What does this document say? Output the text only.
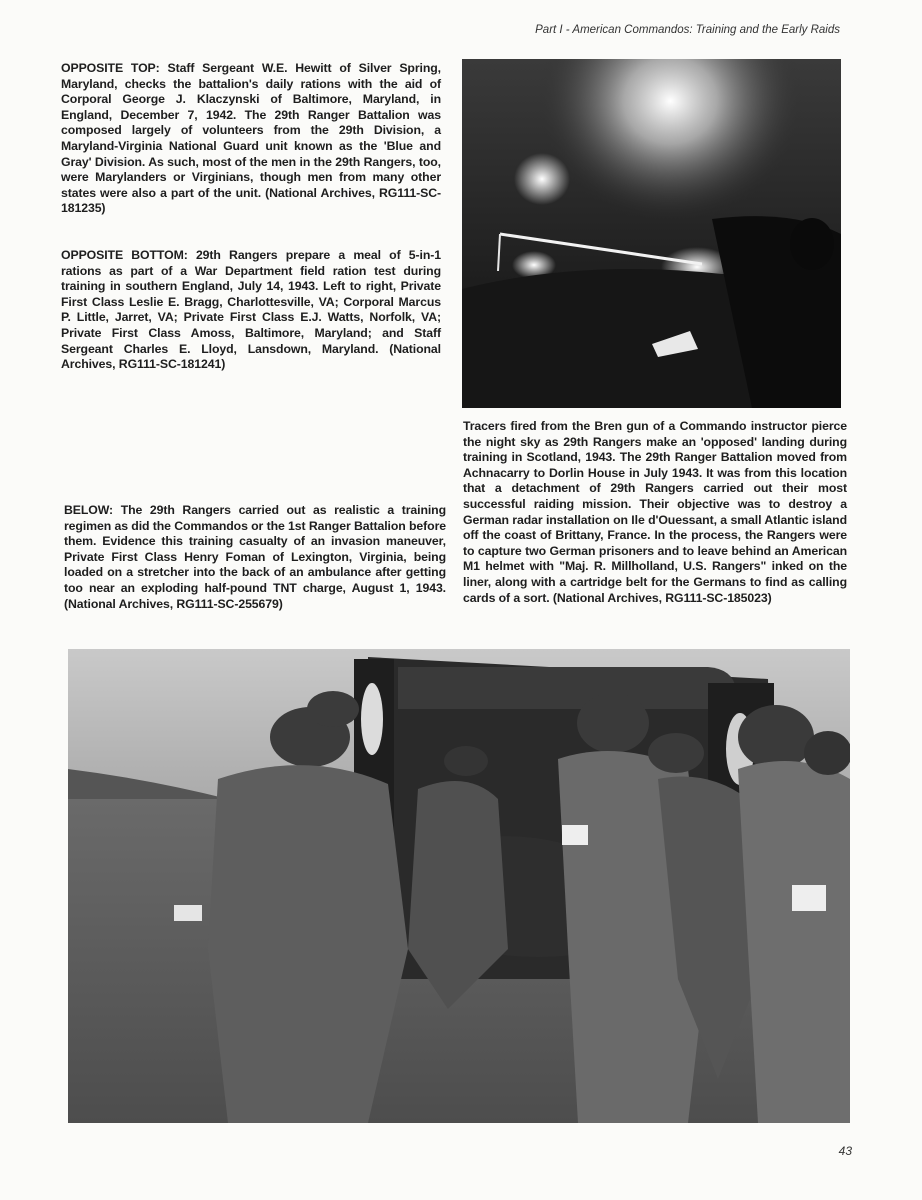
Part I - American Commandos: Training and the Early Raids
OPPOSITE TOP: Staff Sergeant W.E. Hewitt of Silver Spring, Maryland, checks the battalion's daily rations with the aid of Corporal George J. Klaczynski of Baltimore, Maryland, in England, December 7, 1942. The 29th Ranger Battalion was composed largely of volunteers from the 29th Division, a Maryland-Virginia National Guard unit known as the 'Blue and Gray' Division. As such, most of the men in the 29th Rangers, too, were Marylanders or Virginians, though men from many other states were also a part of the unit. (National Archives, RG111-SC-181235)
OPPOSITE BOTTOM: 29th Rangers prepare a meal of 5-in-1 rations as part of a War Department field ration test during training in southern England, July 14, 1943. Left to right, Private First Class Leslie E. Bragg, Charlottesville, VA; Corporal Marcus P. Little, Jarret, VA; Private First Class E.J. Watts, Norfolk, VA; Private First Class Amoss, Baltimore, Maryland; and Staff Sergeant Charles E. Lloyd, Lansdown, Maryland. (National Archives, RG111-SC-181241)
BELOW: The 29th Rangers carried out as realistic a training regimen as did the Commandos or the 1st Ranger Battalion before them. Evidence this training casualty of an invasion maneuver, Private First Class Henry Foman of Lexington, Virginia, being loaded on a stretcher into the back of an ambulance after getting too near an exploding half-pound TNT charge, August 1, 1943. (National Archives, RG111-SC-255679)
Tracers fired from the Bren gun of a Commando instructor pierce the night sky as 29th Rangers make an 'opposed' landing during training in Scotland, 1943. The 29th Ranger Battalion moved from Achnacarry to Dorlin House in July 1943. It was from this location that a detachment of 29th Rangers carried out their most successful raiding mission. Their objective was to destroy a German radar installation on Ile d'Ouessant, a small Atlantic island off the coast of Brittany, France. In the process, the Rangers were to capture two German prisoners and to leave behind an American M1 helmet with "Maj. R. Millholland, U.S. Rangers" inked on the liner, along with a cartridge belt for the Germans to find as calling cards of a sort. (National Archives, RG111-SC-185023)
43
